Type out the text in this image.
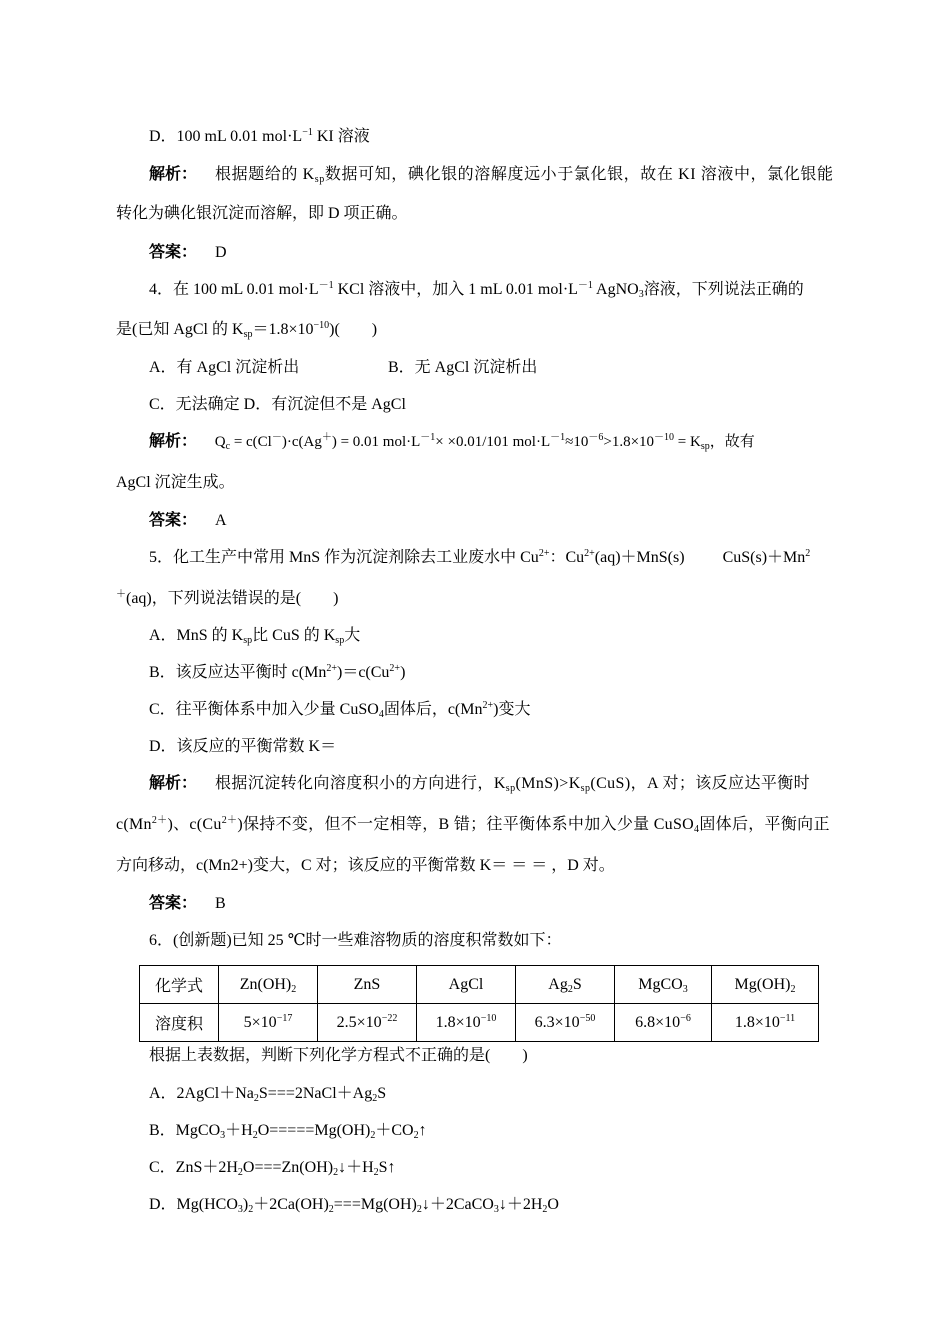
D．100 mL 0.01 $mol\cdot L^{-1}$ KI 溶液
解析： 根据题给的 $K_{sp}$数据可知，碘化银的溶解度远小于氯化银，故在 KI 溶液中，氯化银能
转化为碘化银沉淀而溶解，即 D 项正确。
答案： D
4．在 100 mL 0.01 $mol\cdot L^{-1}$ KCl 溶液中，加入 1 mL 0.01 $mol\cdot L^{-1}$ AgNO$_3$溶液，下列说法正确的
是(已知 AgCl 的 $K_{sp}=1.8\times 10^{-10}$)(　　)
A．有 AgCl 沉淀析出	B．无 AgCl 沉淀析出
C．无法确定 D．有沉淀但不是 AgCl
解析： $Q_c = c(Cl^-)\cdot c(Ag^+) = 0.01$ $mol\cdot L^{-1}\times \times 0.01/101$ $mol\cdot L^{-1}\approx 10^{-6}>1.8\times 10^{-10} = K_{sp}$，故有
AgCl 沉淀生成。
答案： A
5．化工生产中常用 MnS 作为沉淀剂除去工业废水中 $Cu^{2+}$：$Cu^{2+}(aq)+MnS(s)$ $CuS(s)+Mn^2$
＋(aq)，下列说法错误的是(　　)
A．MnS 的 $K_{sp}$比 CuS 的 $K_{sp}$大
B．该反应达平衡时 $c(Mn^{2+})=c(Cu^{2+})$
C．往平衡体系中加入少量 CuSO$_4$固体后，$c(Mn^{2+})$变大
D．该反应的平衡常数 K＝
解析： 根据沉淀转化向溶度积小的方向进行，$K_{sp}(MnS)>K_{sp}(CuS)$，A 对；该反应达平衡时
$c(Mn^{2+})$、$c(Cu^{2+})$保持不变，但不一定相等，B 错；往平衡体系中加入少量 CuSO$_4$固体后，平衡向正
方向移动，c(Mn2+)变大，C 对；该反应的平衡常数 K＝ ＝ ＝ ，D 对。
答案： B
6．(创新题)已知 25 ℃时一些难溶物质的溶度积常数如下：
化学式	$Zn(OH)_2$	ZnS	AgCl	$Ag_2S$	MgCO$_3$	$Mg(OH)_2$
溶度积	$5\times 10^{-17}$	$2.5\times 10^{-22}$	$1.8\times 10^{-10}$	$6.3\times 10^{-50}$	$6.8\times 10^{-6}$	$1.8\times 10^{-11}$
根据上表数据，判断下列化学方程式不正确的是(　　)
A．$2AgCl+Na_2S===2NaCl+Ag_2S$
B．$MgCO_3+H_2O=====Mg(OH)_2+CO_2↑$
C．$ZnS+2H_2O===Zn(OH)_2↓+H_2S↑$
D．$Mg(HCO_3)_2+2Ca(OH)_2===Mg(OH)_2↓+2CaCO_3↓+2H_2O$
